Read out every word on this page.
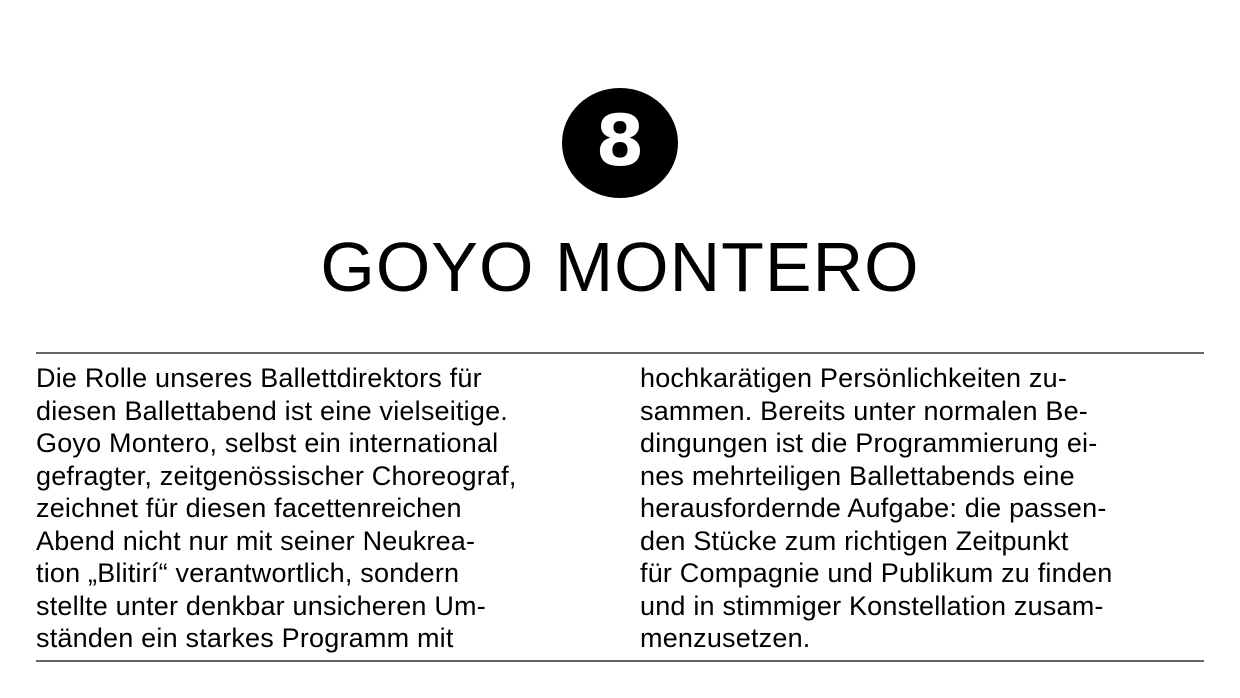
8
GOYO MONTERO
Die Rolle unseres Ballettdirektors für
diesen Ballettabend ist eine vielseitige.
Goyo Montero, selbst ein international
gefragter, zeitgenössischer Choreograf,
zeichnet für diesen facettenreichen
Abend nicht nur mit seiner Neukrea-
tion „Blitirí“ verantwortlich, sondern
stellte unter denkbar unsicheren Um-
ständen ein starkes Programm mit
hochkarätigen Persönlichkeiten zu-
sammen. Bereits unter normalen Be-
dingungen ist die Programmierung ei-
nes mehrteiligen Ballettabends eine
herausfordernde Aufgabe: die passen-
den Stücke zum richtigen Zeitpunkt
für Compagnie und Publikum zu finden
und in stimmiger Konstellation zusam-
menzusetzen.
